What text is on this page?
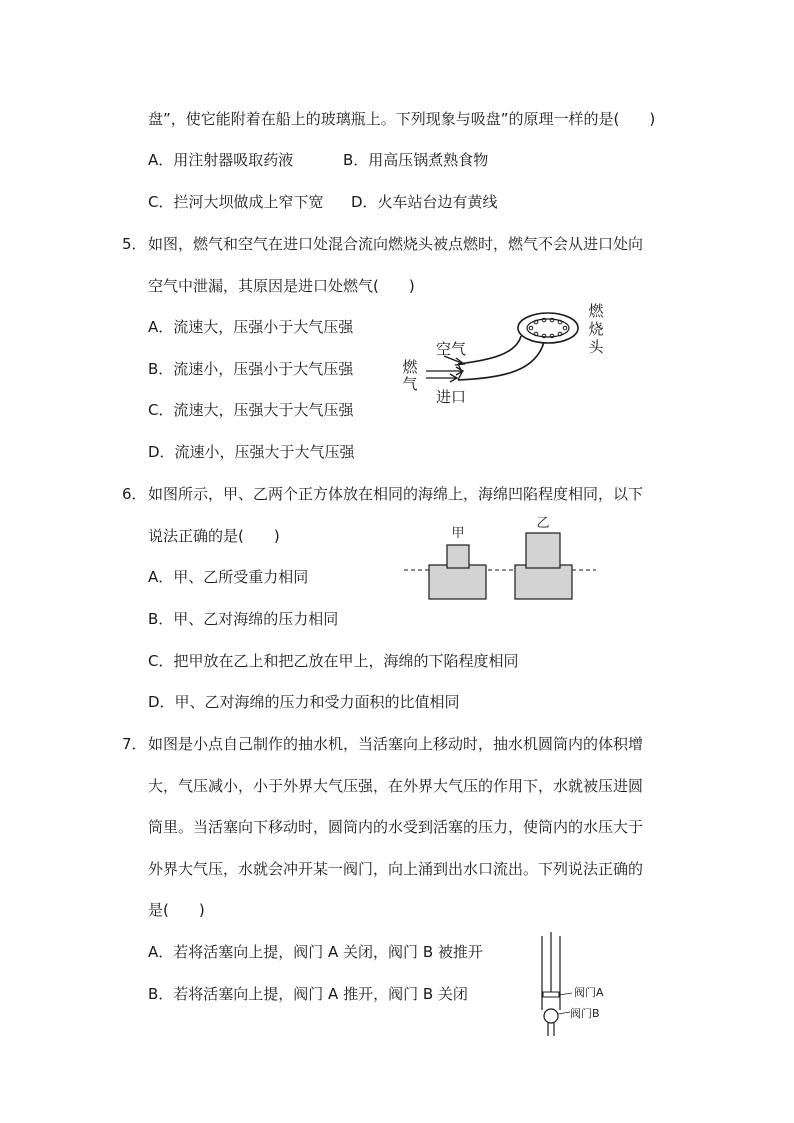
盘”，使它能附着在船上的玻璃瓶上。下列现象与吸盘”的原理一样的是(　　)
A．用注射器吸取药液	B．用高压锅煮熟食物
C．拦河大坝做成上窄下宽 D．火车站台边有黄线
5． 如图，燃气和空气在进口处混合流向燃烧头被点燃时，燃气不会从进口处向
空气中泄漏，其原因是进口处燃气(　　)
A．流速大，压强小于大气压强
B．流速小，压强小于大气压强
C．流速大，压强大于大气压强
D．流速小，压强大于大气压强
燃
烧
头
空气
燃
气
进口
6． 如图所示，甲、乙两个正方体放在相同的海绵上，海绵凹陷程度相同，以下
说法正确的是(　　)
A．甲、乙所受重力相同
B．甲、乙对海绵的压力相同
C．把甲放在乙上和把乙放在甲上，海绵的下陷程度相同
D．甲、乙对海绵的压力和受力面积的比值相同
甲
乙
7． 如图是小点自己制作的抽水机，当活塞向上移动时，抽水机圆筒内的体积增
大，气压减小，小于外界大气压强，在外界大气压的作用下，水就被压进圆
筒里。当活塞向下移动时，圆筒内的水受到活塞的压力，使筒内的水压大于
外界大气压，水就会冲开某一阀门，向上涌到出水口流出。下列说法正确的
是(　　)
A．若将活塞向上提，阀门 A 关闭，阀门 B 被推开
B．若将活塞向上提，阀门 A 推开，阀门 B 关闭	阀门A
阀门B
